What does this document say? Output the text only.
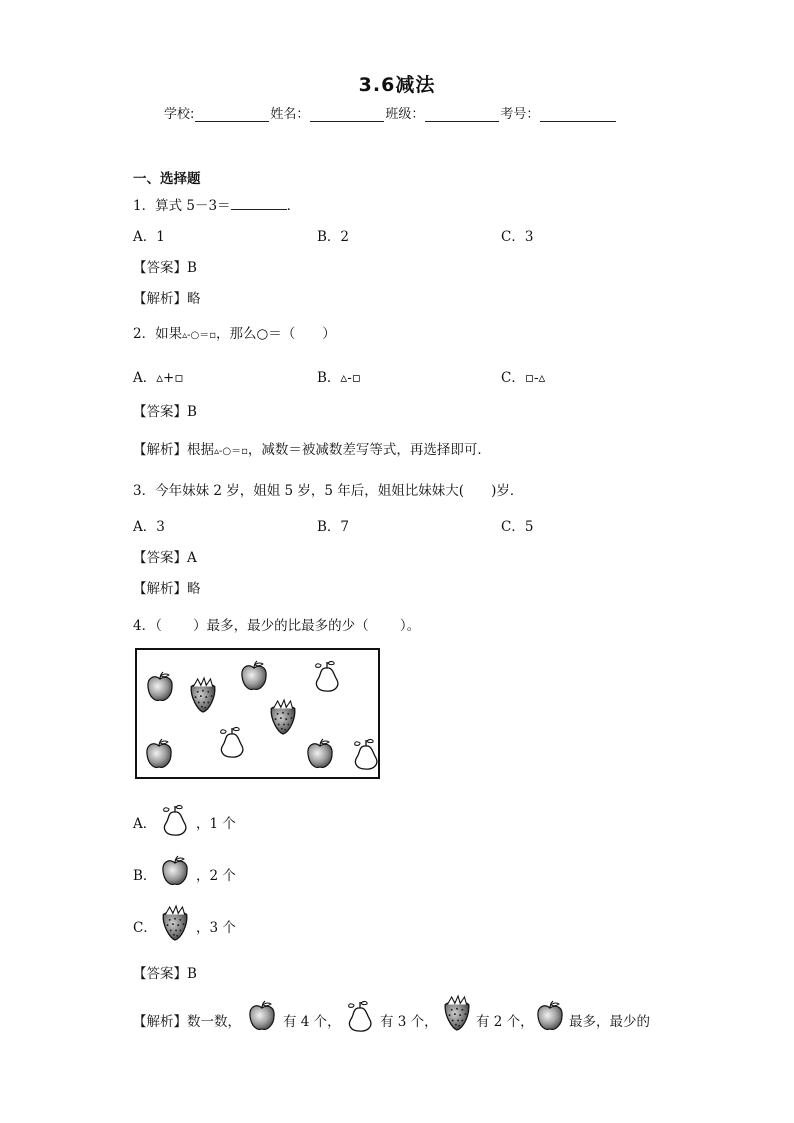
3.6减法
学校:	姓名：	班级：	考号：
一、选择题
1．算式 5－3＝	．
A．1	B．2	C．3
【答案】B
【解析】略
2．如果▵-○＝▫，那么○＝（　　）
A．▵+▫	B．▵-▫	C．▫-▵
【答案】B
【解析】根据▵-○＝▫，减数＝被减数差写等式，再选择即可．
3．今年妹妹 2 岁，姐姐 5 岁，5 年后，姐姐比妹妹大(　　)岁．
A．3	B．7	C．5
【答案】A
【解析】略
4．（　　 ）最多，最少的比最多的少（　　 ）。
A．	，1 个
B．	，2 个
C．	，3 个
【答案】B
【解析】数一数，	有 4 个，	有 3 个，	有 2 个，	最多，最少的
